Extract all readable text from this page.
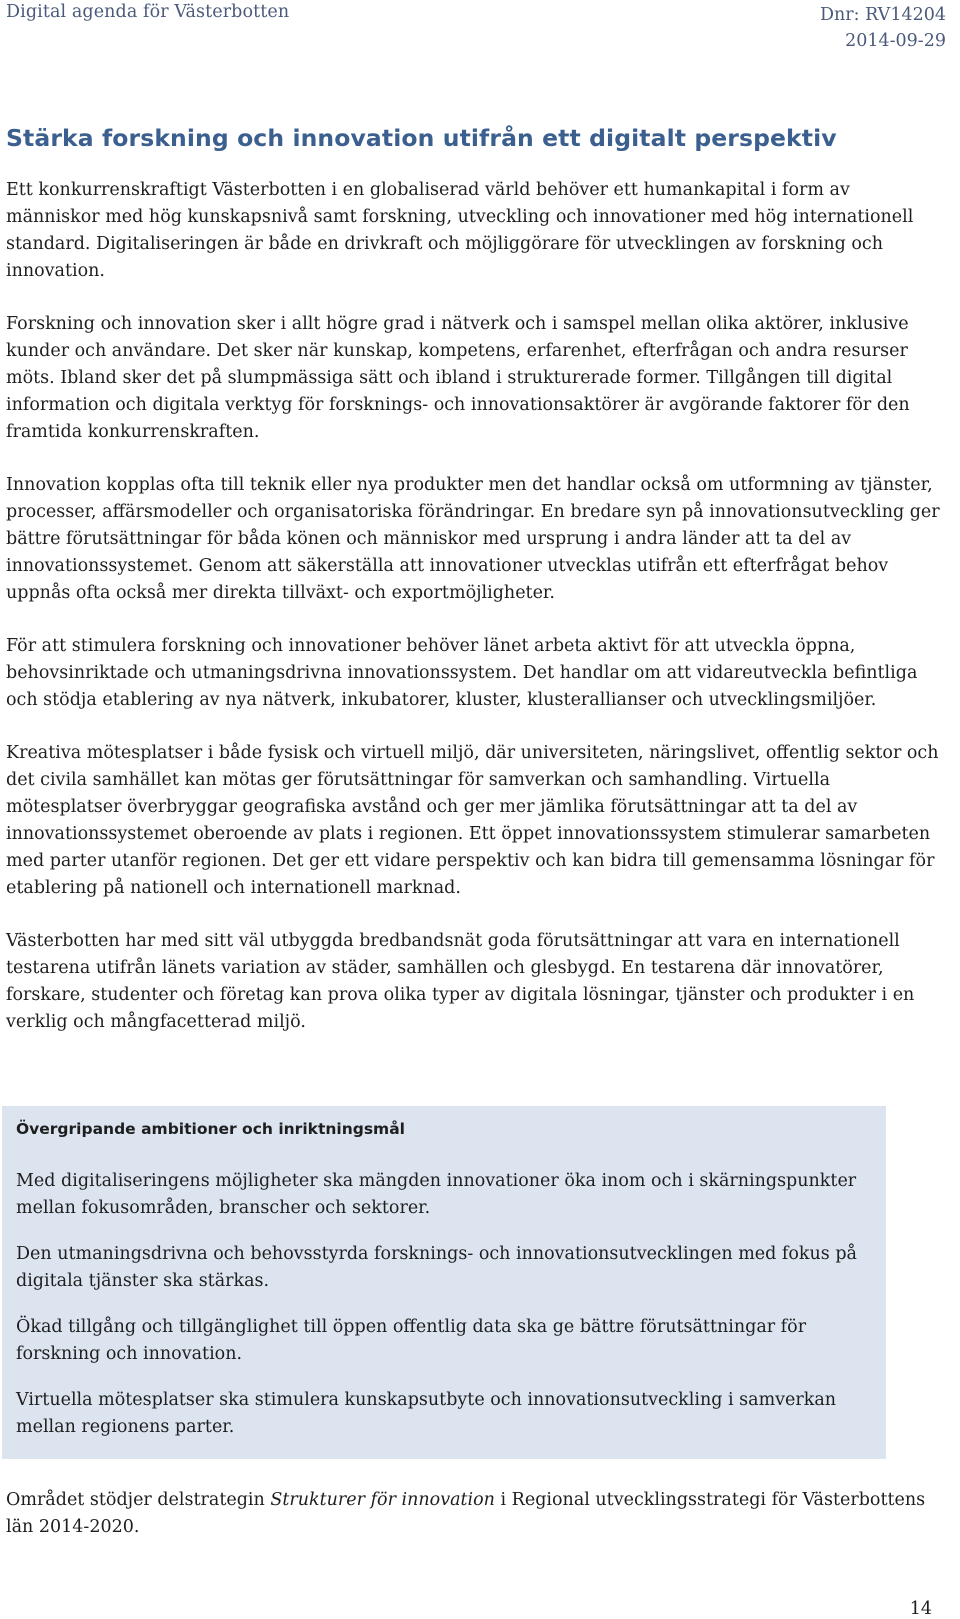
Digital agenda för Västerbotten	Dnr: RV14204
2014-09-29
Stärka forskning och innovation utifrån ett digitalt perspektiv

Ett konkurrenskraftigt Västerbotten i en globaliserad värld behöver ett humankapital i form av människor med hög kunskapsnivå samt forskning, utveckling och innovationer med hög internationell standard. Digitaliseringen är både en drivkraft och möjliggörare för utvecklingen av forskning och innovation.

Forskning och innovation sker i allt högre grad i nätverk och i samspel mellan olika aktörer, inklusive kunder och användare. Det sker när kunskap, kompetens, erfarenhet, efterfrågan och andra resurser möts. Ibland sker det på slumpmässiga sätt och ibland i strukturerade former. Tillgången till digital information och digitala verktyg för forsknings- och innovationsaktörer är avgörande faktorer för den framtida konkurrenskraften.

Innovation kopplas ofta till teknik eller nya produkter men det handlar också om utformning av tjänster, processer, affärsmodeller och organisatoriska förändringar. En bredare syn på innovationsutveckling ger bättre förutsättningar för båda könen och människor med ursprung i andra länder att ta del av innovationssystemet. Genom att säkerställa att innovationer utvecklas utifrån ett efterfrågat behov uppnås ofta också mer direkta tillväxt- och exportmöjligheter.

För att stimulera forskning och innovationer behöver länet arbeta aktivt för att utveckla öppna, behovsinriktade och utmaningsdrivna innovationssystem. Det handlar om att vidareutveckla befintliga och stödja etablering av nya nätverk, inkubatorer, kluster, klusterallianser och utvecklingsmiljöer.

Kreativa mötesplatser i både fysisk och virtuell miljö, där universiteten, näringslivet, offentlig sektor och det civila samhället kan mötas ger förutsättningar för samverkan och samhandling. Virtuella mötesplatser överbryggar geografiska avstånd och ger mer jämlika förutsättningar att ta del av innovationssystemet oberoende av plats i regionen. Ett öppet innovationssystem stimulerar samarbeten med parter utanför regionen. Det ger ett vidare perspektiv och kan bidra till gemensamma lösningar för etablering på nationell och internationell marknad.

Västerbotten har med sitt väl utbyggda bredbandsnät goda förutsättningar att vara en internationell testarena utifrån länets variation av städer, samhällen och glesbygd. En testarena där innovatörer, forskare, studenter och företag kan prova olika typer av digitala lösningar, tjänster och produkter i en verklig och mångfacetterad miljö.

Övergripande ambitioner och inriktningsmål

Med digitaliseringens möjligheter ska mängden innovationer öka inom och i skärningspunkter mellan fokusområden, branscher och sektorer.

Den utmaningsdrivna och behovsstyrda forsknings- och innovationsutvecklingen med fokus på digitala tjänster ska stärkas.

Ökad tillgång och tillgänglighet till öppen offentlig data ska ge bättre förutsättningar för forskning och innovation.

Virtuella mötesplatser ska stimulera kunskapsutbyte och innovationsutveckling i samverkan mellan regionens parter.

Området stödjer delstrategin Strukturer för innovation i Regional utvecklingsstrategi för Västerbottens län 2014-2020.
14
